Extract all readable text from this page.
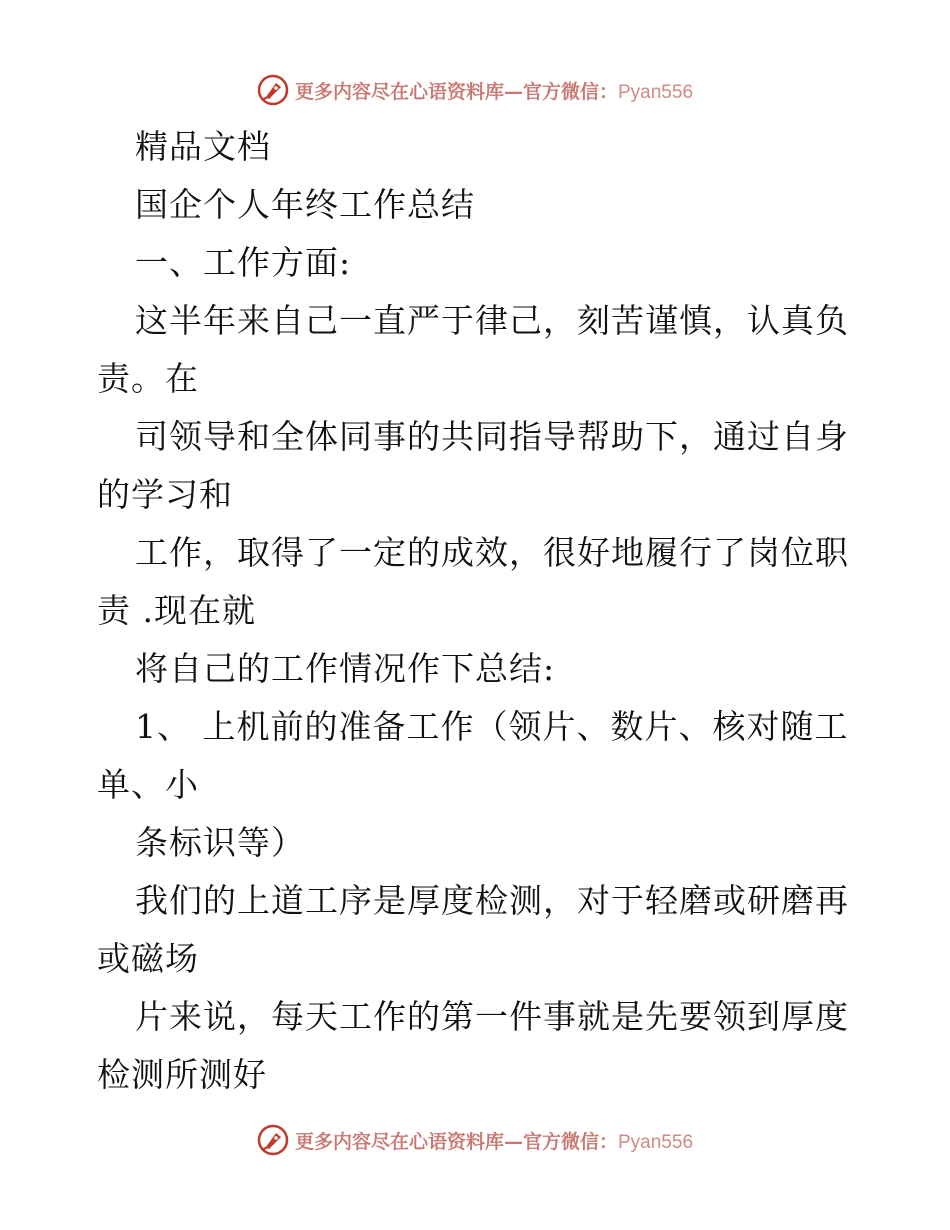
更多内容尽在心语资料库—官方微信：Pyan556
精品文档
国企个人年终工作总结
一、工作方面:
这半年来自己一直严于律己，刻苦谨慎，认真负
责。在
司领导和全体同事的共同指导帮助下，通过自身
的学习和
工作，取得了一定的成效，很好地履行了岗位职
责 .现在就
将自己的工作情况作下总结:
1、 上机前的准备工作（领片、数片、核对随工
单、小
条标识等）
我们的上道工序是厚度检测，对于轻磨或研磨再
或磁场
片来说，每天工作的第一件事就是先要领到厚度
检测所测好
更多内容尽在心语资料库—官方微信：Pyan556
